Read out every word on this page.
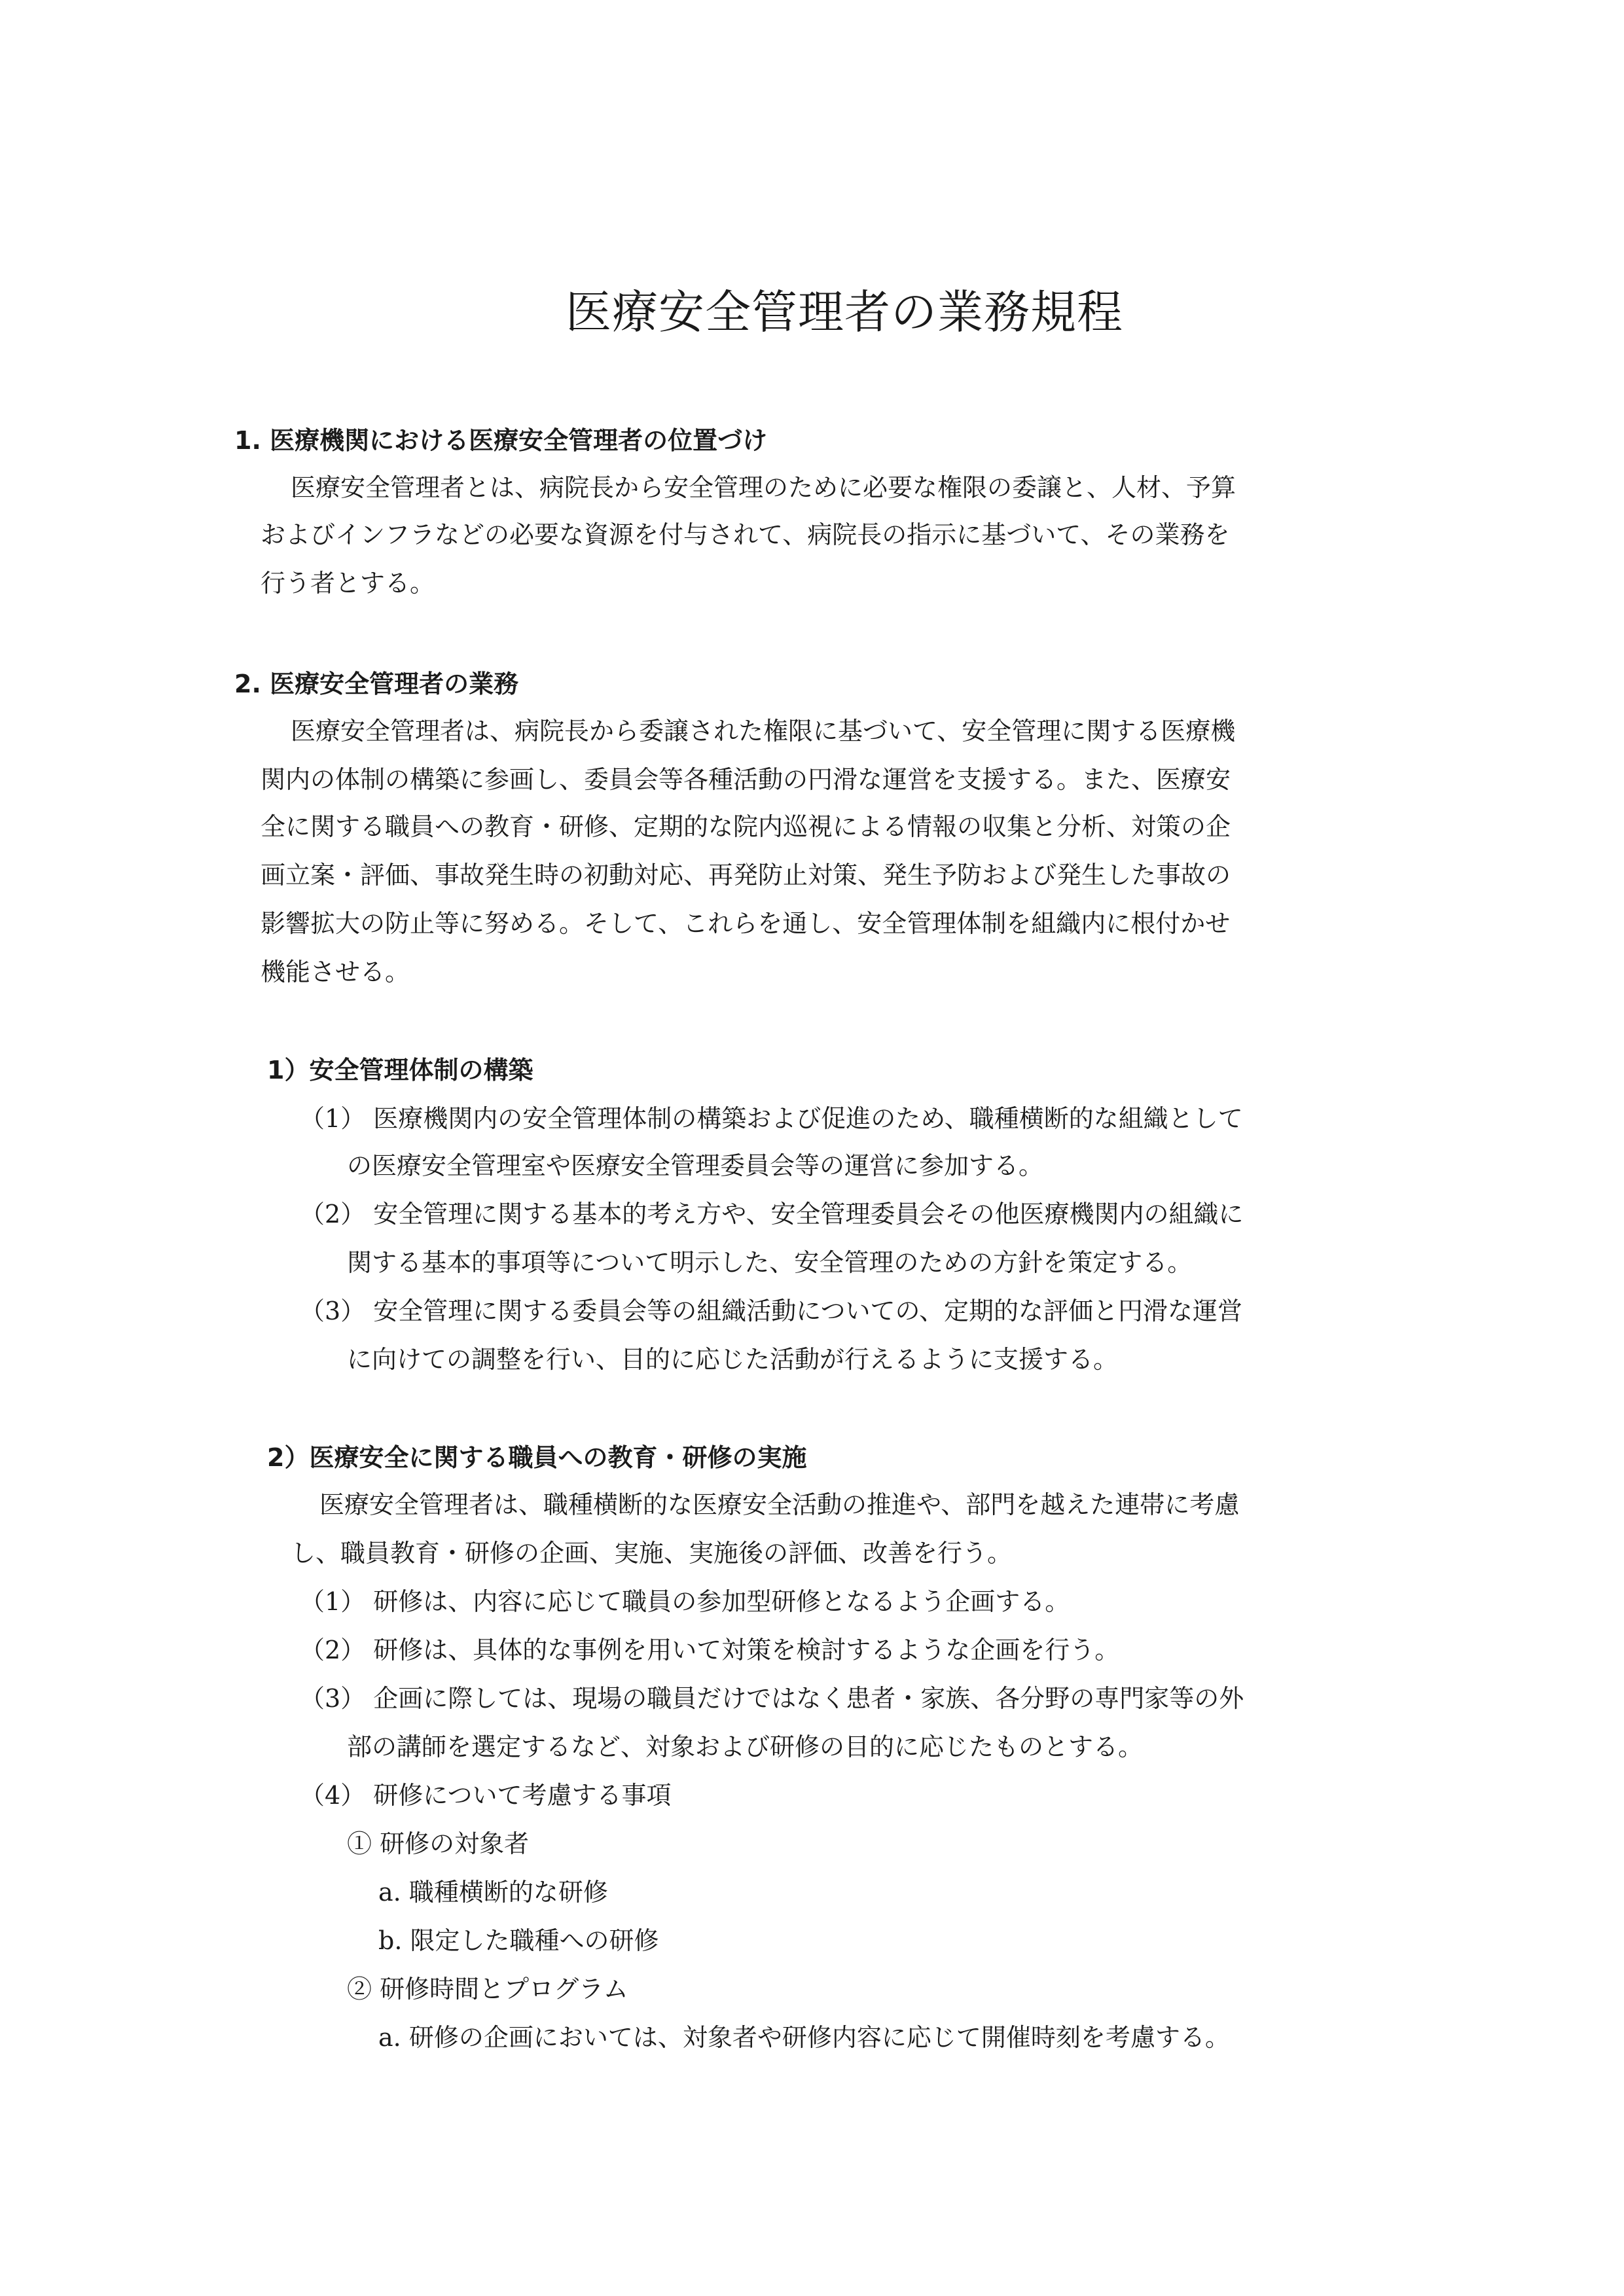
医療安全管理者の業務規程
1. 医療機関における医療安全管理者の位置づけ
医療安全管理者とは、病院長から安全管理のために必要な権限の委譲と、人材、予算
およびインフラなどの必要な資源を付与されて、病院長の指示に基づいて、その業務を
行う者とする。
2. 医療安全管理者の業務
医療安全管理者は、病院長から委譲された権限に基づいて、安全管理に関する医療機
関内の体制の構築に参画し、委員会等各種活動の円滑な運営を支援する。また、医療安
全に関する職員への教育・研修、定期的な院内巡視による情報の収集と分析、対策の企
画立案・評価、事故発生時の初動対応、再発防止対策、発生予防および発生した事故の
影響拡大の防止等に努める。そして、これらを通し、安全管理体制を組織内に根付かせ
機能させる。
1）安全管理体制の構築
（1） 医療機関内の安全管理体制の構築および促進のため、職種横断的な組織として
の医療安全管理室や医療安全管理委員会等の運営に参加する。
（2） 安全管理に関する基本的考え方や、安全管理委員会その他医療機関内の組織に
関する基本的事項等について明示した、安全管理のための方針を策定する。
（3） 安全管理に関する委員会等の組織活動についての、定期的な評価と円滑な運営
に向けての調整を行い、目的に応じた活動が行えるように支援する。
2）医療安全に関する職員への教育・研修の実施
医療安全管理者は、職種横断的な医療安全活動の推進や、部門を越えた連帯に考慮
し、職員教育・研修の企画、実施、実施後の評価、改善を行う。
（1） 研修は、内容に応じて職員の参加型研修となるよう企画する。
（2） 研修は、具体的な事例を用いて対策を検討するような企画を行う。
（3） 企画に際しては、現場の職員だけではなく患者・家族、各分野の専門家等の外
部の講師を選定するなど、対象および研修の目的に応じたものとする。
（4） 研修について考慮する事項
① 研修の対象者
a. 職種横断的な研修
b. 限定した職種への研修
② 研修時間とプログラム
a. 研修の企画においては、対象者や研修内容に応じて開催時刻を考慮する。
